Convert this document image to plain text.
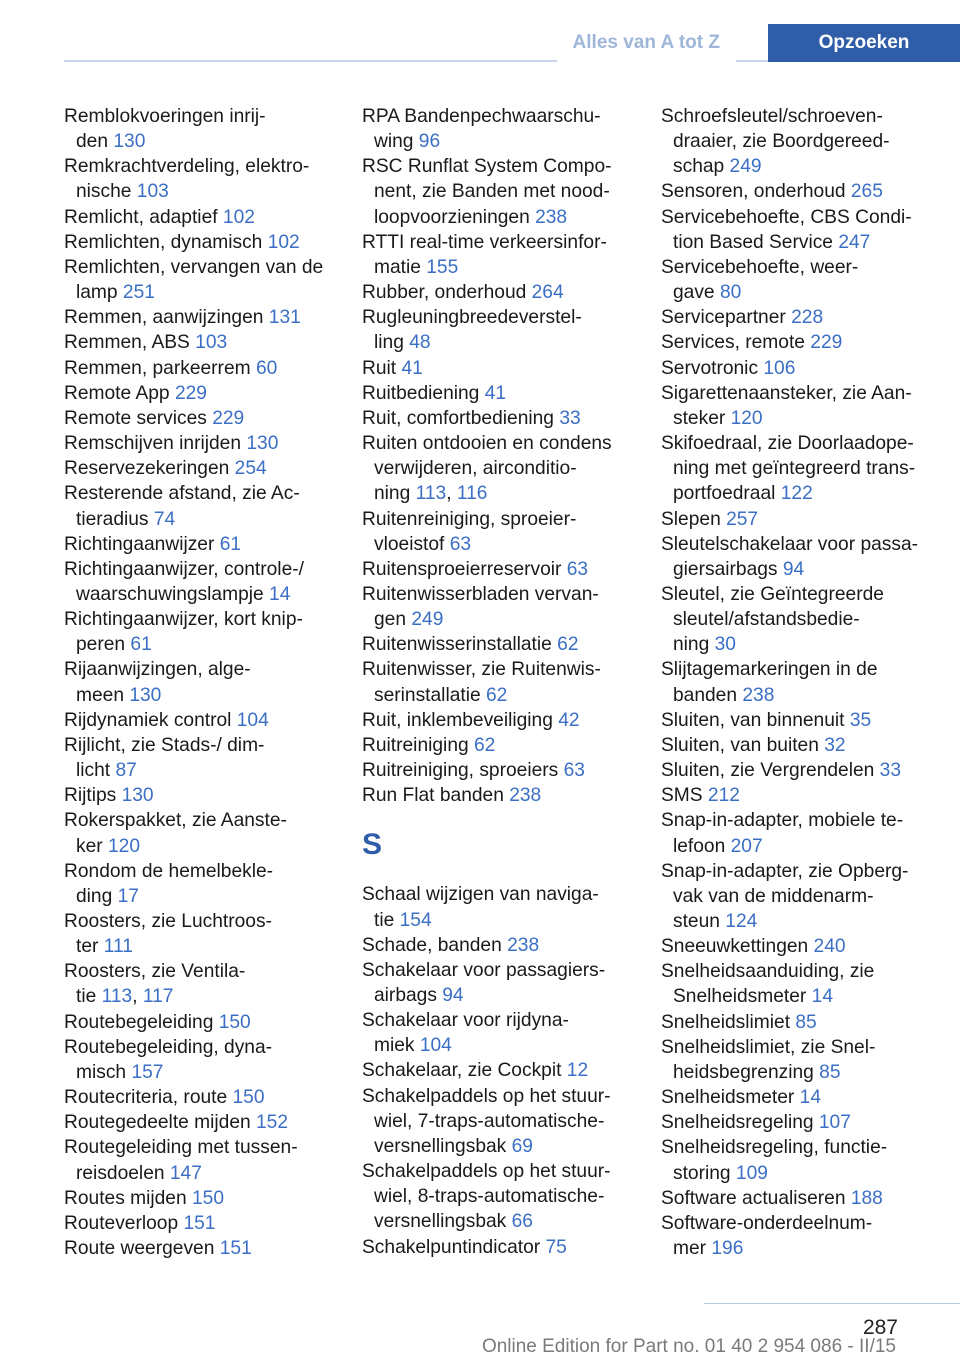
Alles van A tot Z	Opzoeken
Remblokvoeringen inrij-
den 130
Remkrachtverdeling, elektro-
nische 103
Remlicht, adaptief 102
Remlichten, dynamisch 102
Remlichten, vervangen van de
lamp 251
Remmen, aanwijzingen 131
Remmen, ABS 103
Remmen, parkeerrem 60
Remote App 229
Remote services 229
Remschijven inrijden 130
Reservezekeringen 254
Resterende afstand, zie Ac-
tieradius 74
Richtingaanwijzer 61
Richtingaanwijzer, controle-/
waarschuwingslampje 14
Richtingaanwijzer, kort knip-
peren 61
Rijaanwijzingen, alge-
meen 130
Rijdynamiek control 104
Rijlicht, zie Stads-/ dim-
licht 87
Rijtips 130
Rokerspakket, zie Aanste-
ker 120
Rondom de hemelbekle-
ding 17
Roosters, zie Luchtroos-
ter 111
Roosters, zie Ventila-
tie 113, 117
Routebegeleiding 150
Routebegeleiding, dyna-
misch 157
Routecriteria, route 150
Routegedeelte mijden 152
Routegeleiding met tussen-
reisdoelen 147
Routes mijden 150
Routeverloop 151
Route weergeven 151
RPA Bandenpechwaarschu-
wing 96
RSC Runflat System Compo-
nent, zie Banden met nood-
loopvoorzieningen 238
RTTI real-time verkeersinfor-
matie 155
Rubber, onderhoud 264
Rugleuningbreedeverstel-
ling 48
Ruit 41
Ruitbediening 41
Ruit, comfortbediening 33
Ruiten ontdooien en condens
verwijderen, airconditio-
ning 113, 116
Ruitenreiniging, sproeier-
vloeistof 63
Ruitensproeierreservoir 63
Ruitenwisserbladen vervan-
gen 249
Ruitenwisserinstallatie 62
Ruitenwisser, zie Ruitenwis-
serinstallatie 62
Ruit, inklembeveiliging 42
Ruitreiniging 62
Ruitreiniging, sproeiers 63
Run Flat banden 238
S
Schaal wijzigen van naviga-
tie 154
Schade, banden 238
Schakelaar voor passagiers-
airbags 94
Schakelaar voor rijdyna-
miek 104
Schakelaar, zie Cockpit 12
Schakelpaddels op het stuur-
wiel, 7-traps-automatische-
versnellingsbak 69
Schakelpaddels op het stuur-
wiel, 8-traps-automatische-
versnellingsbak 66
Schakelpuntindicator 75
Schroefsleutel/schroeven-
draaier, zie Boordgereed-
schap 249
Sensoren, onderhoud 265
Servicebehoefte, CBS Condi-
tion Based Service 247
Servicebehoefte, weer-
gave 80
Servicepartner 228
Services, remote 229
Servotronic 106
Sigarettenaansteker, zie Aan-
steker 120
Skifoedraal, zie Doorlaadope-
ning met geïntegreerd trans-
portfoedraal 122
Slepen 257
Sleutelschakelaar voor passa-
giersairbags 94
Sleutel, zie Geïntegreerde
sleutel/afstandsbedie-
ning 30
Slijtagemarkeringen in de
banden 238
Sluiten, van binnenuit 35
Sluiten, van buiten 32
Sluiten, zie Vergrendelen 33
SMS 212
Snap-in-adapter, mobiele te-
lefoon 207
Snap-in-adapter, zie Opberg-
vak van de middenarm-
steun 124
Sneeuwkettingen 240
Snelheidsaanduiding, zie
Snelheidsmeter 14
Snelheidslimiet 85
Snelheidslimiet, zie Snel-
heidsbegrenzing 85
Snelheidsmeter 14
Snelheidsregeling 107
Snelheidsregeling, functie-
storing 109
Software actualiseren 188
Software-onderdeelnum-
mer 196
287
Online Edition for Part no. 01 40 2 954 086 - II/15
